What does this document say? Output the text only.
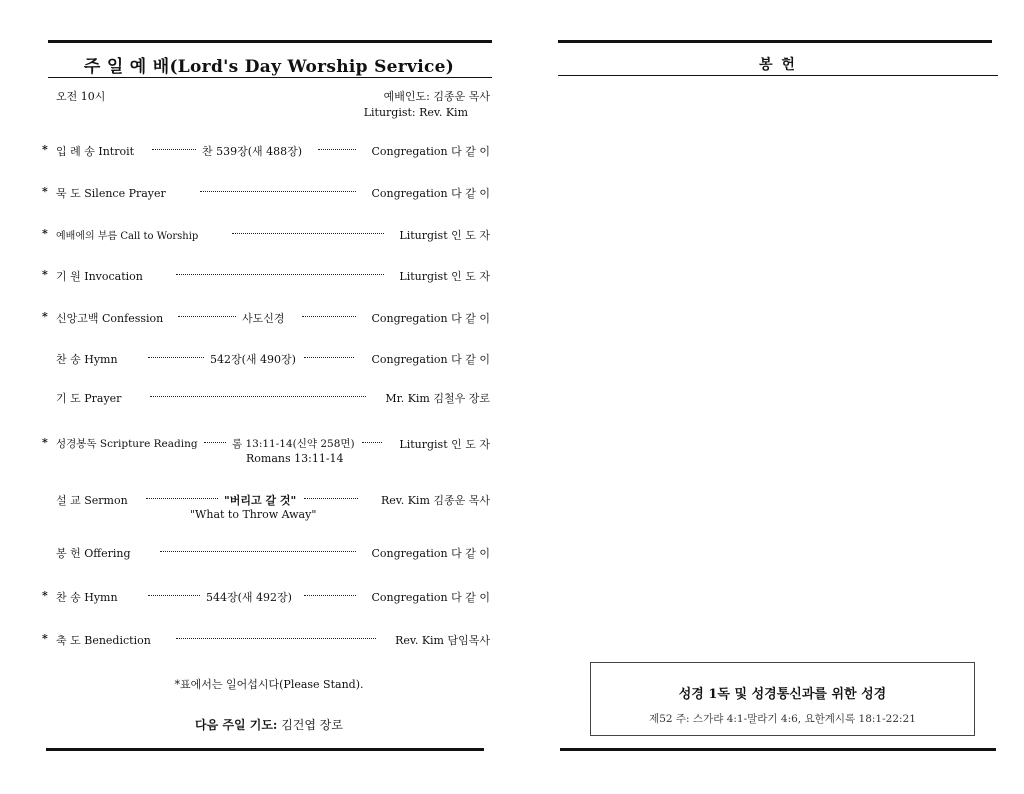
주 일 예 배(Lord's Day Worship Service)
오전 10시	예배인도: 김종운 목사
Liturgist: Rev. Kim
* 입 례 송 Introit	찬 539장(새 488장)	Congregation 다 같 이
* 묵 도 Silence Prayer	Congregation 다 같 이
* 예배에의 부름 Call to Worship	Liturgist 인 도 자
* 기 원 Invocation	Liturgist 인 도 자
* 신앙고백 Confession	사도신경	Congregation 다 같 이
찬 송 Hymn	542장(새 490장)	Congregation 다 같 이
기 도 Prayer	Mr. Kim 김철우 장로
* 성경봉독 Scripture Reading	롬 13:11-14(신약 258면)	Liturgist 인 도 자
Romans 13:11-14
설 교 Sermon	"버리고 갈 것"	Rev. Kim 김종운 목사
"What to Throw Away"
봉 헌 Offering	Congregation 다 같 이
* 찬 송 Hymn	544장(새 492장)	Congregation 다 같 이
* 축 도 Benediction	Rev. Kim 담임목사
*표에서는 일어섭시다(Please Stand).
다음 주일 기도: 김건엽 장로
봉 헌
성경 1독 및 성경통신과를 위한 성경
제52 주: 스가랴 4:1-말라기 4:6, 요한계시록 18:1-22:21
